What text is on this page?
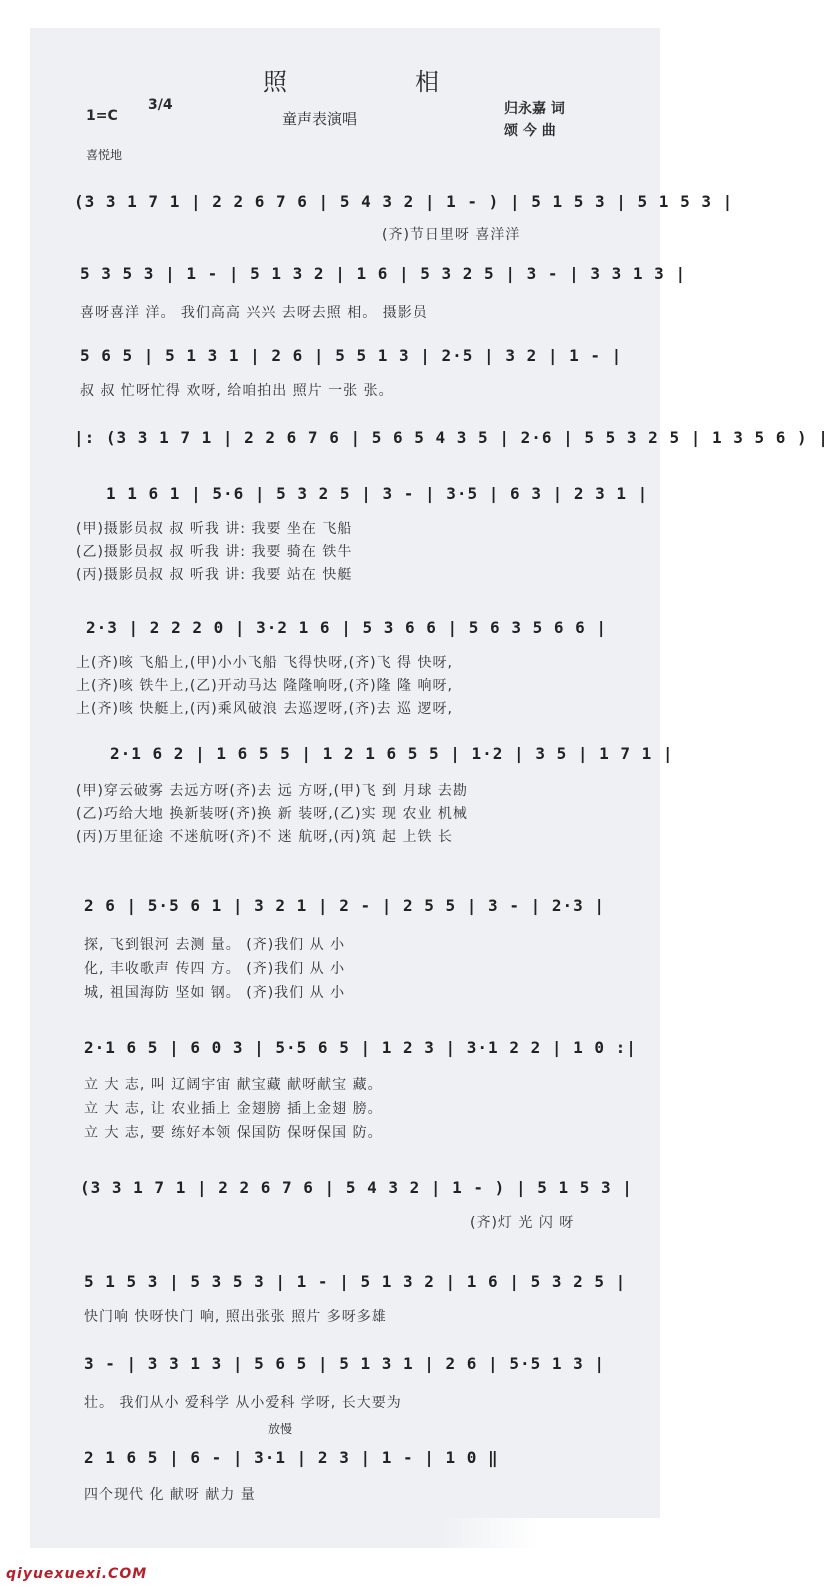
照　相
1=C
3/4
童声表演唱
归永嘉 词
颂 今 曲
喜悦地
(3 3 1 7 1 | 2 2 6 7 6 | 5 4 3 2 | 1 - ) | 5 1 5 3 | 5 1 5 3 |
(齐)节日里呀 喜洋洋
5 3 5 3 | 1 - | 5 1 3 2 | 1 6 | 5 3 2 5 | 3 - | 3 3 1 3 |
喜呀喜洋 洋。 我们高高 兴兴 去呀去照 相。 摄影员
5 6 5 | 5 1 3 1 | 2 6 | 5 5 1 3 | 2·5 | 3 2 | 1 - |
叔 叔 忙呀忙得 欢呀, 给咱拍出 照片 一张 张。
|: (3 3 1 7 1 | 2 2 6 7 6 | 5 6 5 4 3 5 | 2·6 | 5 5 3 2 5 | 1 3 5 6 ) |
1 1 6 1 | 5·6 | 5 3 2 5 | 3 - | 3·5 | 6 3 | 2 3 1 |
(甲)摄影员叔 叔 听我 讲: 我要 坐在 飞船
(乙)摄影员叔 叔 听我 讲: 我要 骑在 铁牛
(丙)摄影员叔 叔 听我 讲: 我要 站在 快艇
2·3 | 2 2 2 0 | 3·2 1 6 | 5 3 6 6 | 5 6 3 5 6 6 |
上(齐)咳 飞船上,(甲)小小飞船 飞得快呀,(齐)飞 得 快呀,
上(齐)咳 铁牛上,(乙)开动马达 隆隆响呀,(齐)隆 隆 响呀,
上(齐)咳 快艇上,(丙)乘风破浪 去巡逻呀,(齐)去 巡 逻呀,
2·1 6 2 | 1 6 5 5 | 1 2 1 6 5 5 | 1·2 | 3 5 | 1 7 1 |
(甲)穿云破雾 去远方呀(齐)去 远 方呀,(甲)飞 到 月球 去勘
(乙)巧给大地 换新装呀(齐)换 新 装呀,(乙)实 现 农业 机械
(丙)万里征途 不迷航呀(齐)不 迷 航呀,(丙)筑 起 上铁 长
2 6 | 5·5 6 1 | 3 2 1 | 2 - | 2 5 5 | 3 - | 2·3 |
探, 飞到银河 去测 量。 (齐)我们 从 小
化, 丰收歌声 传四 方。 (齐)我们 从 小
城, 祖国海防 坚如 钢。 (齐)我们 从 小
2·1 6 5 | 6 0 3 | 5·5 6 5 | 1 2 3 | 3·1 2 2 | 1 0 :|
立 大 志, 叫 辽阔宇宙 献宝藏 献呀献宝 藏。
立 大 志, 让 农业插上 金翅膀 插上金翅 膀。
立 大 志, 要 练好本领 保国防 保呀保国 防。
(3 3 1 7 1 | 2 2 6 7 6 | 5 4 3 2 | 1 - ) | 5 1 5 3 |
(齐)灯 光 闪 呀
5 1 5 3 | 5 3 5 3 | 1 - | 5 1 3 2 | 1 6 | 5 3 2 5 |
快门响 快呀快门 响, 照出张张 照片 多呀多雄
3 - | 3 3 1 3 | 5 6 5 | 5 1 3 1 | 2 6 | 5·5 1 3 |
壮。 我们从小 爱科学 从小爱科 学呀, 长大要为
放慢
2 1 6 5 | 6 - | 3·1 | 2 3 | 1 - | 1 0 ‖
四个现代 化 献呀 献力 量
qiyuexuexi.COM
